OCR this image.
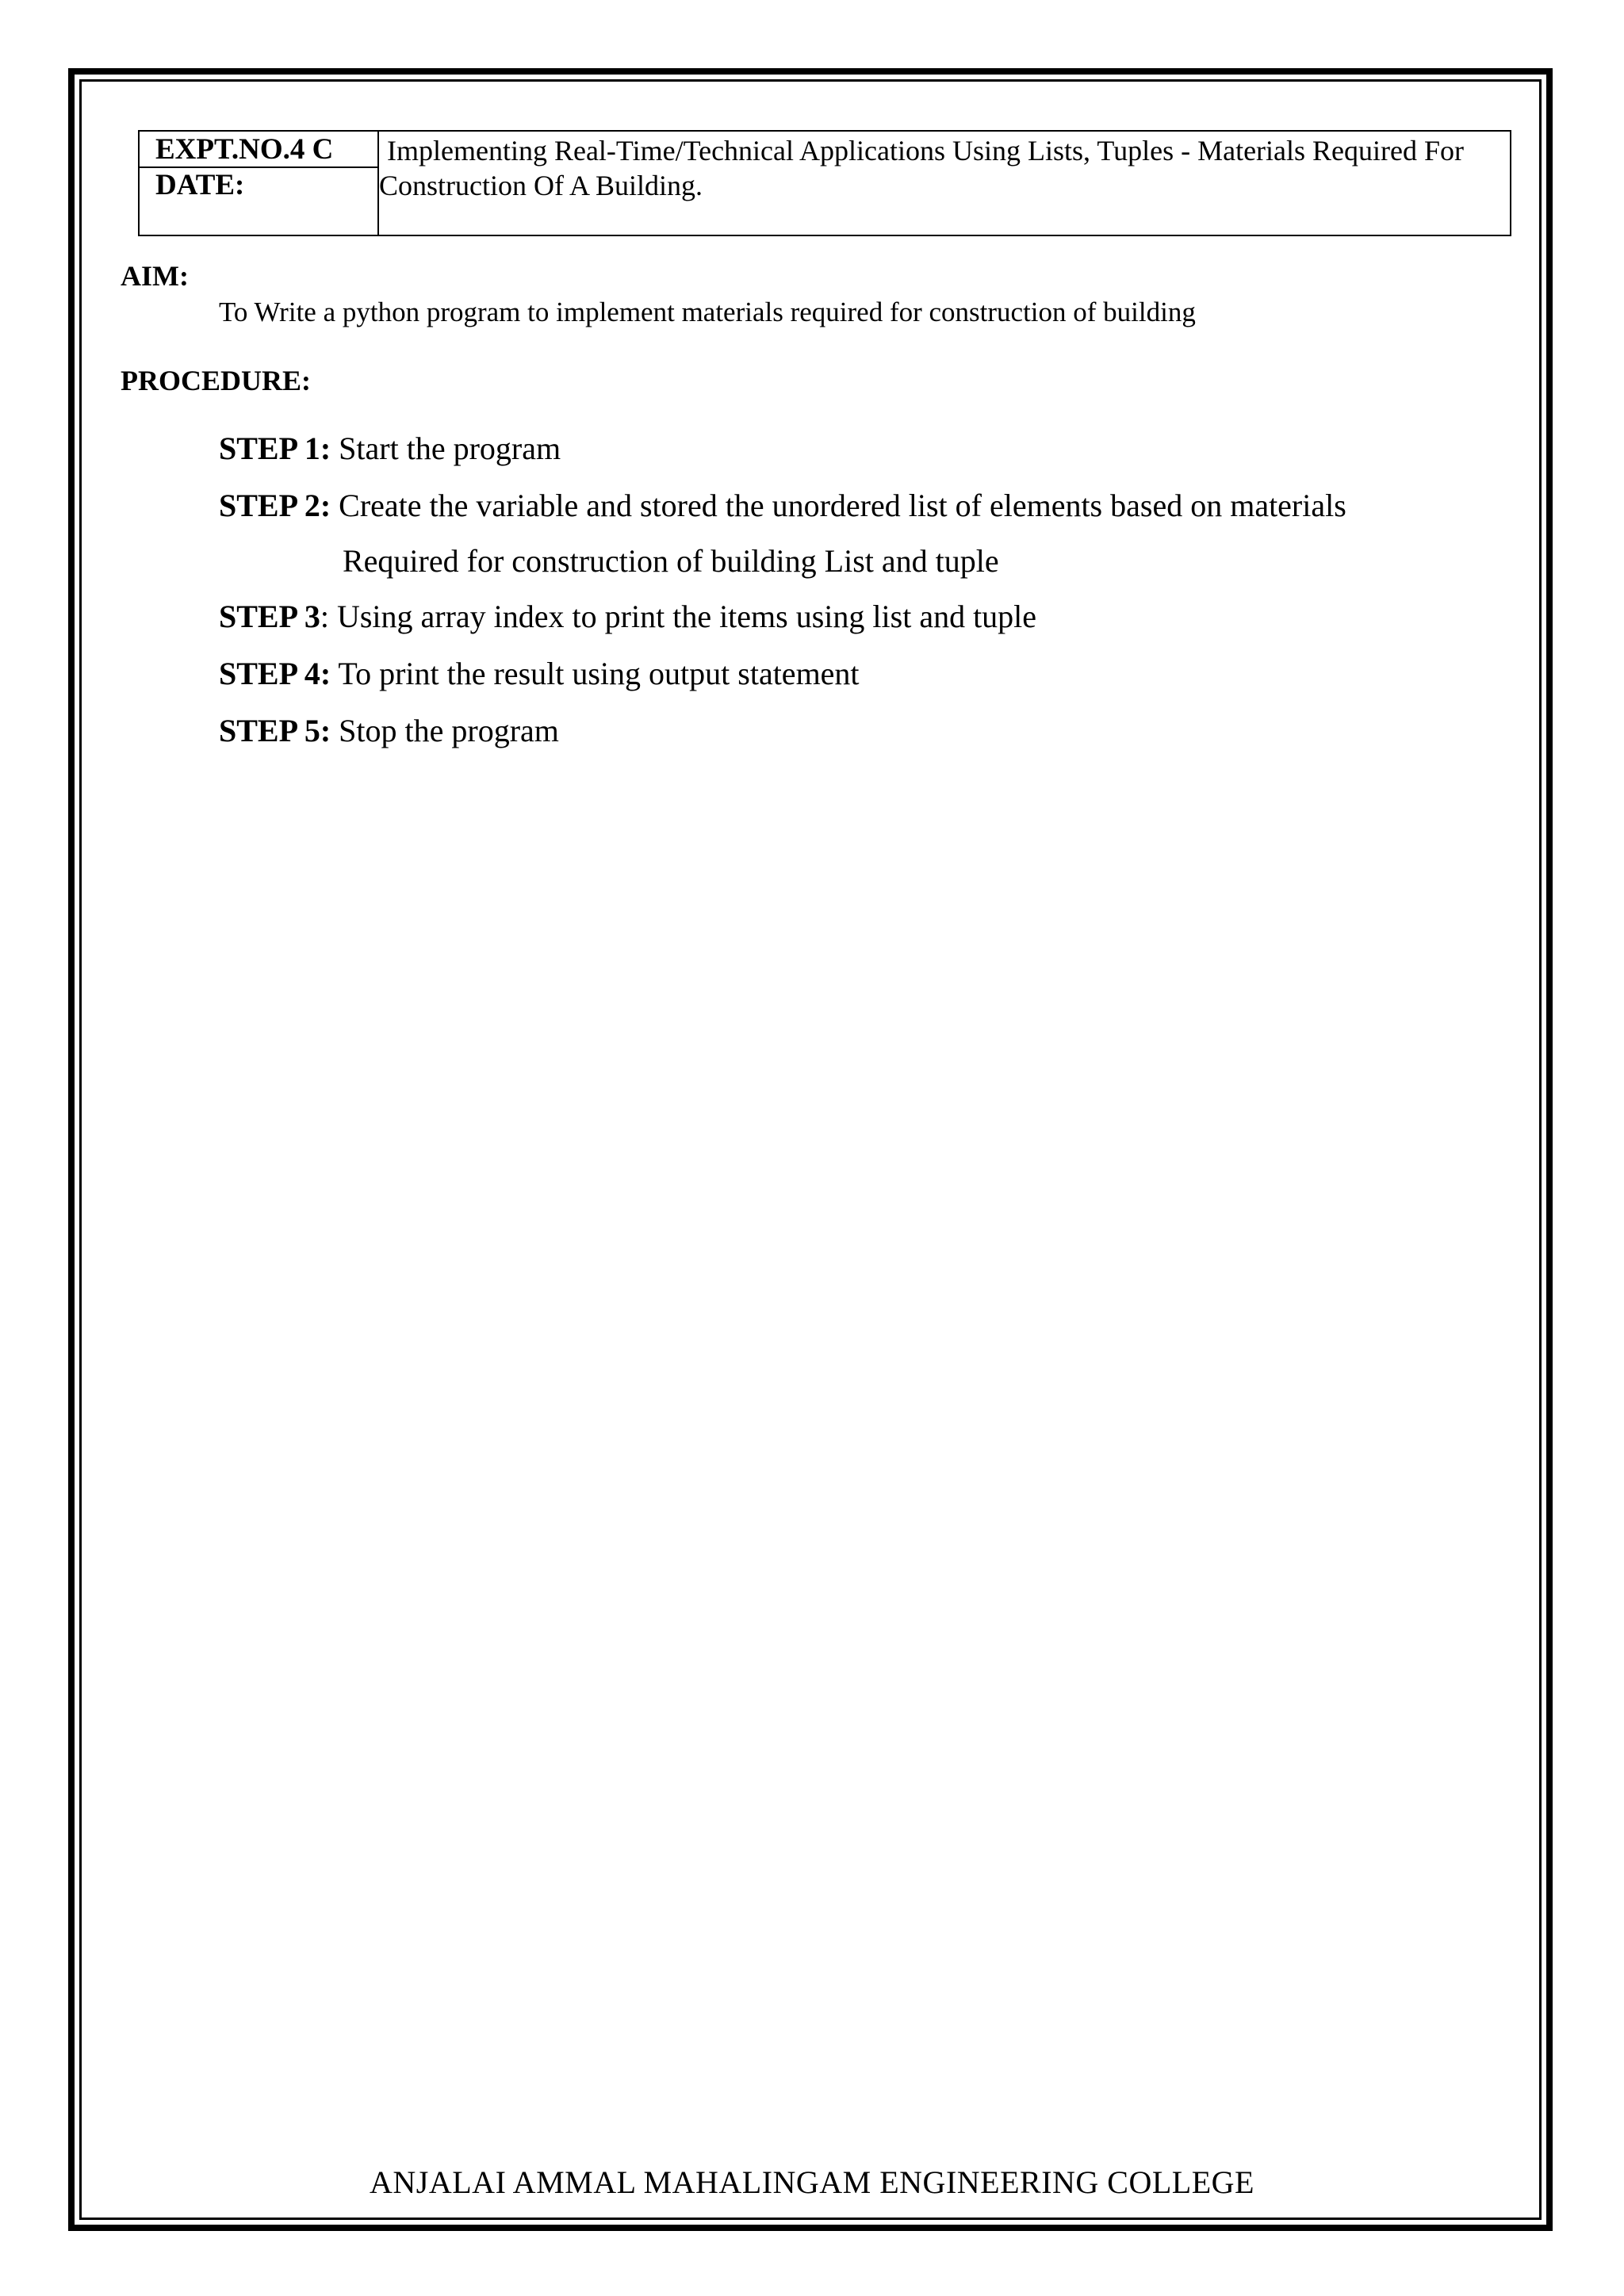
EXPT.NO.4 C
DATE:
Implementing Real-Time/Technical Applications Using Lists, Tuples - Materials Required For Construction Of A Building.
AIM:
To Write a python program to implement materials required for construction of building
PROCEDURE:
STEP 1: Start the program
STEP 2: Create the variable and stored the unordered list of elements based on materials
Required for construction of building List and tuple
STEP 3: Using array index to print the items using list and tuple
STEP 4: To print the result using output statement
STEP 5: Stop the program
ANJALAI AMMAL MAHALINGAM ENGINEERING COLLEGE
